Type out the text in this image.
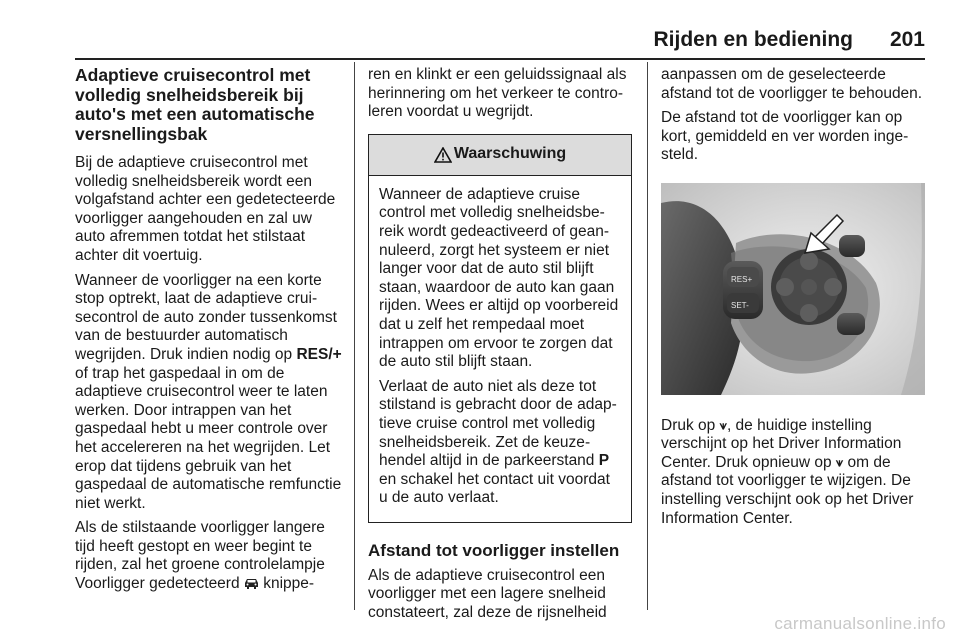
Rijden en bediening 201
Adaptieve cruisecontrol met volledig snelheidsbereik bij auto's met een automatische versnellingsbak

Bij de adaptieve cruisecontrol met volledig snelheidsbereik wordt een volgafstand achter een gedetecteerde voorligger aangehouden en zal uw auto afremmen totdat het stilstaat achter dit voertuig.

Wanneer de voorligger na een korte stop optrekt, laat de adaptieve cruisecontrol de auto zonder tussenkomst van de bestuurder automatisch wegrijden. Druk indien nodig op RES/+ of trap het gaspedaal in om de adaptieve cruisecontrol weer te laten werken. Door intrappen van het gaspedaal hebt u meer controle over het accelereren na het wegrijden. Let erop dat tijdens gebruik van het gaspedaal de automatische remfunctie niet werkt.

Als de stilstaande voorligger langere tijd heeft gestopt en weer begint te rijden, zal het groene controlelampje Voorligger gedetecteerd  knippe-

ren en klinkt er een geluidssignaal als herinnering om het verkeer te controleren voordat u wegrijdt.

Waarschuwing

Wanneer de adaptieve cruise control met volledig snelheidsbereik wordt gedeactiveerd of geannuleerd, zorgt het systeem er niet langer voor dat de auto stil blijft staan, waardoor de auto kan gaan rijden. Wees er altijd op voorbereid dat u zelf het rempedaal moet intrappen om ervoor te zorgen dat de auto stil blijft staan.

Verlaat de auto niet als deze tot stilstand is gebracht door de adaptieve cruise control met volledig snelheidsbereik. Zet de keuzehendel altijd in de parkeerstand P en schakel het contact uit voordat u de auto verlaat.

Afstand tot voorligger instellen

Als de adaptieve cruisecontrol een voorligger met een lagere snelheid constateert, zal deze de rijsnelheid

aanpassen om de geselecteerde afstand tot de voorligger te behouden.

De afstand tot de voorligger kan op kort, gemiddeld en ver worden ingesteld.

RES+
SET-

Druk op ⩛, de huidige instelling verschijnt op het Driver Information Center. Druk opnieuw op ⩛ om de afstand tot voorligger te wijzigen. De instelling verschijnt ook op het Driver Information Center.

carmanualsonline.info
